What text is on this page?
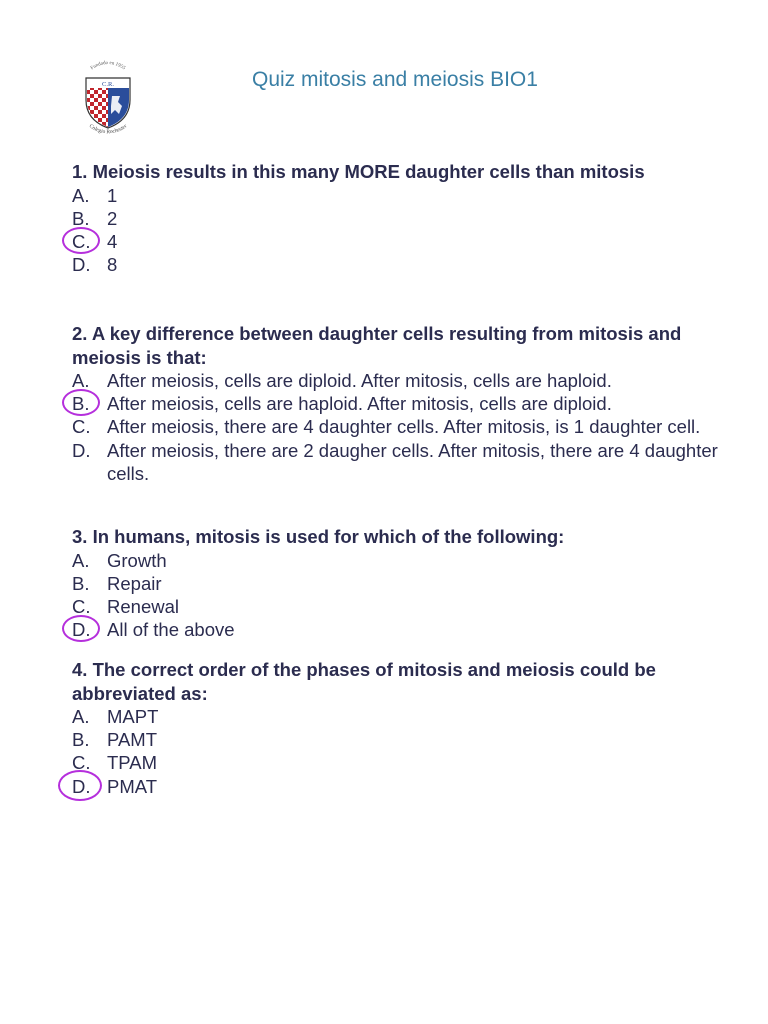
Fundado en 1955
C.R.
Colegio Rochester
Quiz mitosis and meiosis BIO1

1. Meiosis results in this many MORE daughter cells than mitosis

A. 1
B. 2
C. 4
D. 8

2. A key difference between daughter cells resulting from mitosis and meiosis is that:

A. After meiosis, cells are diploid. After mitosis, cells are haploid.
B. After meiosis, cells are haploid. After mitosis, cells are diploid.
C. After meiosis, there are 4 daughter cells. After mitosis, is 1 daughter cell.
D. After meiosis, there are 2 daugher cells. After mitosis, there are 4 daughter cells.

3. In humans, mitosis is used for which of the following:

A. Growth
B. Repair
C. Renewal
D. All of the above

4. The correct order of the phases of mitosis and meiosis could be abbreviated as:

A. MAPT
B. PAMT
C. TPAM
D. PMAT
